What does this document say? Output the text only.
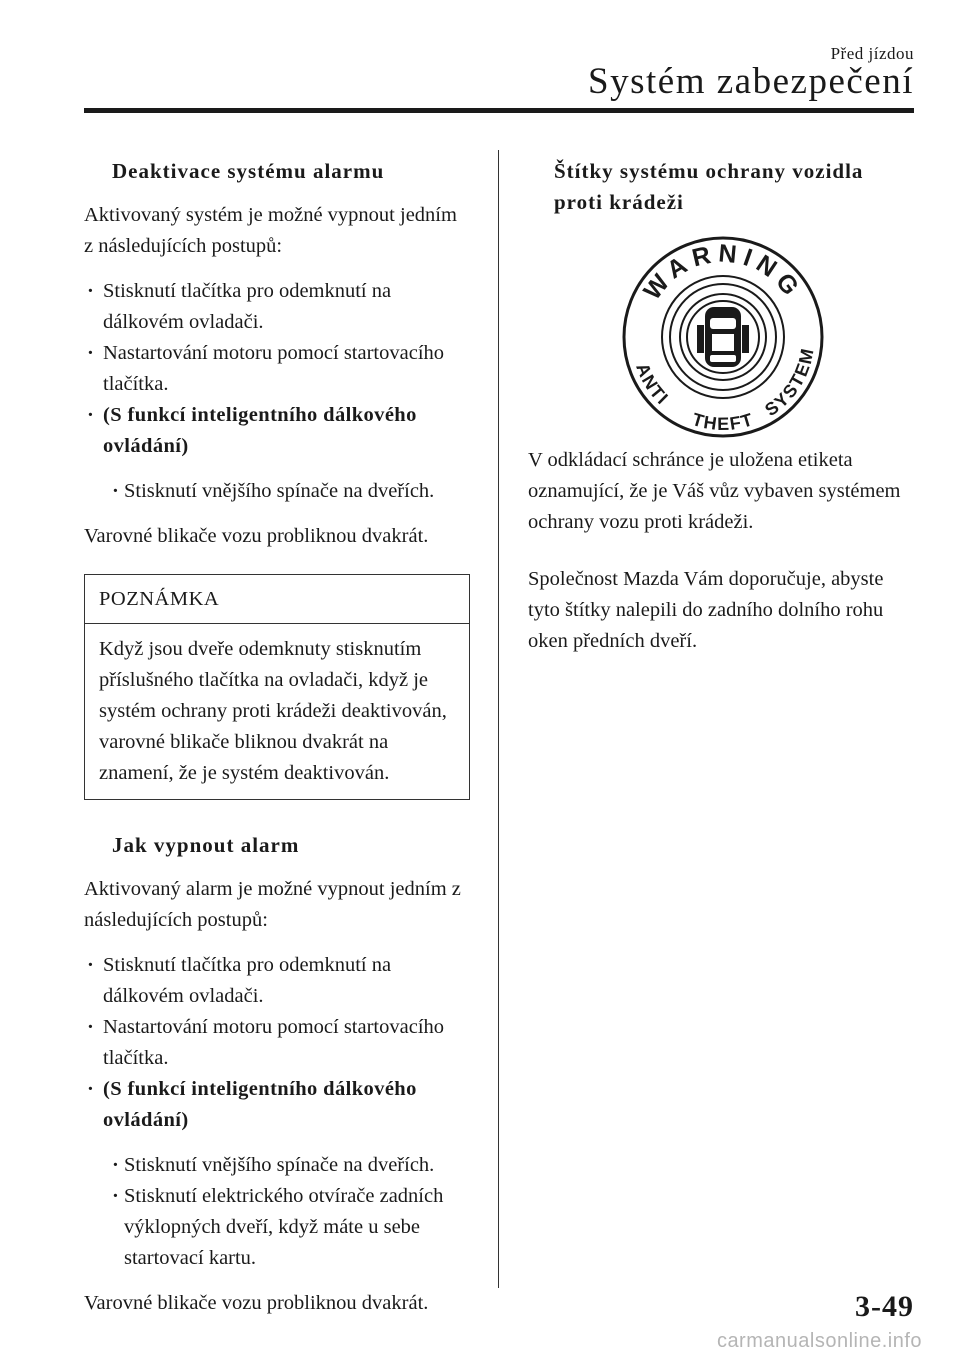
Před jízdou
Systém zabezpečení
Deaktivace systému alarmu
Aktivovaný systém je možné vypnout jedním z následujících postupů:
· Stisknutí tlačítka pro odemknutí na dálkovém ovladači.
· Nastartování motoru pomocí startovacího tlačítka.
· (S funkcí inteligentního dálkového ovládání)
· Stisknutí vnějšího spínače na dveřích.
Varovné blikače vozu probliknou dvakrát.
POZNÁMKA
Když jsou dveře odemknuty stisknutím příslušného tlačítka na ovladači, když je systém ochrany proti krádeži deaktivován, varovné blikače bliknou dvakrát na znamení, že je systém deaktivován.
Jak vypnout alarm
Aktivovaný alarm je možné vypnout jedním z následujících postupů:
· Stisknutí tlačítka pro odemknutí na dálkovém ovladači.
· Nastartování motoru pomocí startovacího tlačítka.
· (S funkcí inteligentního dálkového ovládání)
· Stisknutí vnějšího spínače na dveřích.
· Stisknutí elektrického otvírače zadních výklopných dveří, když máte u sebe startovací kartu.
Varovné blikače vozu probliknou dvakrát.
Štítky systému ochrany vozidla proti krádeži
WARNING
ANTI
THEFT
SYSTEM
V odkládací schránce je uložena etiketa oznamující, že je Váš vůz vybaven systémem ochrany vozu proti krádeži.
Společnost Mazda Vám doporučuje, abyste tyto štítky nalepili do zadního dolního rohu oken předních dveří.
3-49
carmanualsonline.info
